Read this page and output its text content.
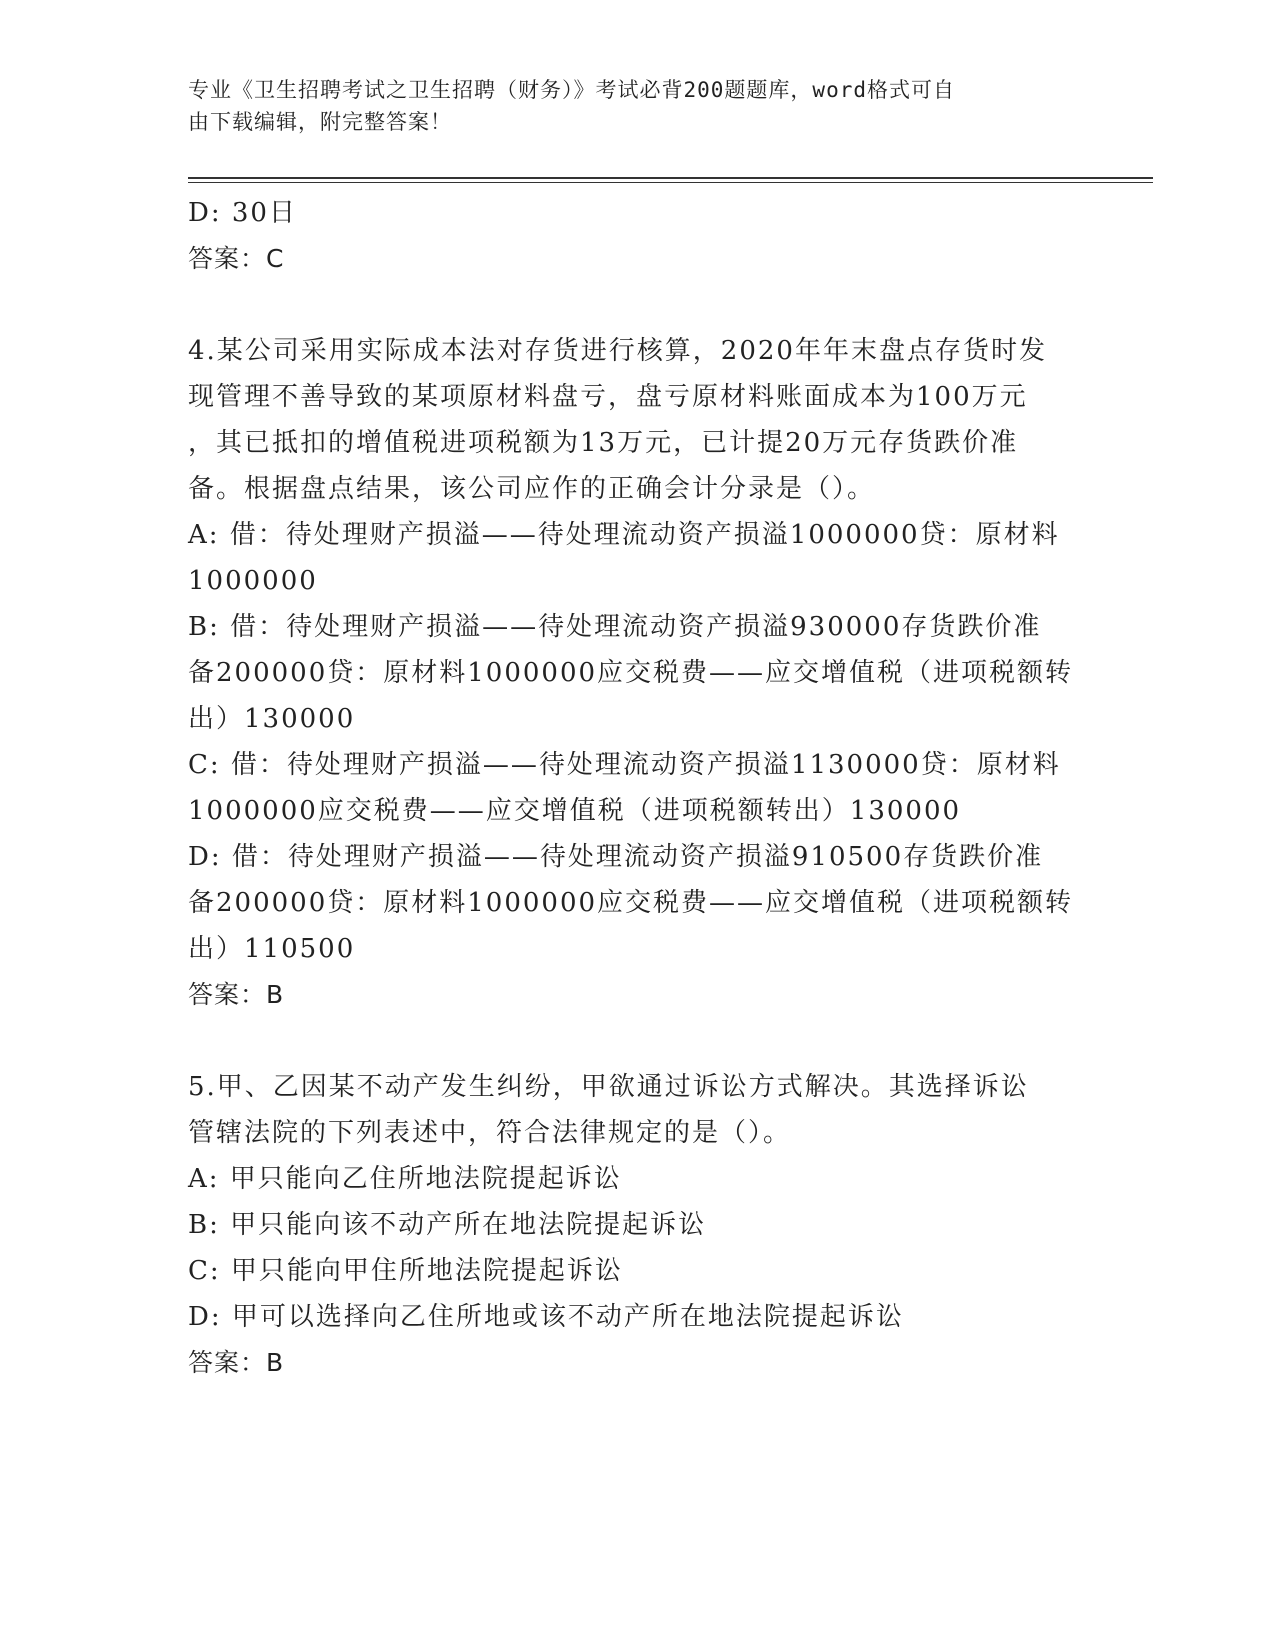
专业《卫生招聘考试之卫生招聘（财务）》考试必背200题题库，word格式可自
由下载编辑，附完整答案！
D: 30日
答案：C
4.某公司采用实际成本法对存货进行核算，2020年年末盘点存货时发
现管理不善导致的某项原材料盘亏，盘亏原材料账面成本为100万元
，其已抵扣的增值税进项税额为13万元，已计提20万元存货跌价准
备。根据盘点结果，该公司应作的正确会计分录是（）。
A: 借：待处理财产损溢——待处理流动资产损溢1000000贷：原材料
1000000
B: 借：待处理财产损溢——待处理流动资产损溢930000存货跌价准
备200000贷：原材料1000000应交税费——应交增值税（进项税额转
出）130000
C: 借：待处理财产损溢——待处理流动资产损溢1130000贷：原材料
1000000应交税费——应交增值税（进项税额转出）130000
D: 借：待处理财产损溢——待处理流动资产损溢910500存货跌价准
备200000贷：原材料1000000应交税费——应交增值税（进项税额转
出）110500
答案：B
5.甲、乙因某不动产发生纠纷，甲欲通过诉讼方式解决。其选择诉讼
管辖法院的下列表述中，符合法律规定的是（）。
A: 甲只能向乙住所地法院提起诉讼
B: 甲只能向该不动产所在地法院提起诉讼
C: 甲只能向甲住所地法院提起诉讼
D: 甲可以选择向乙住所地或该不动产所在地法院提起诉讼
答案：B
